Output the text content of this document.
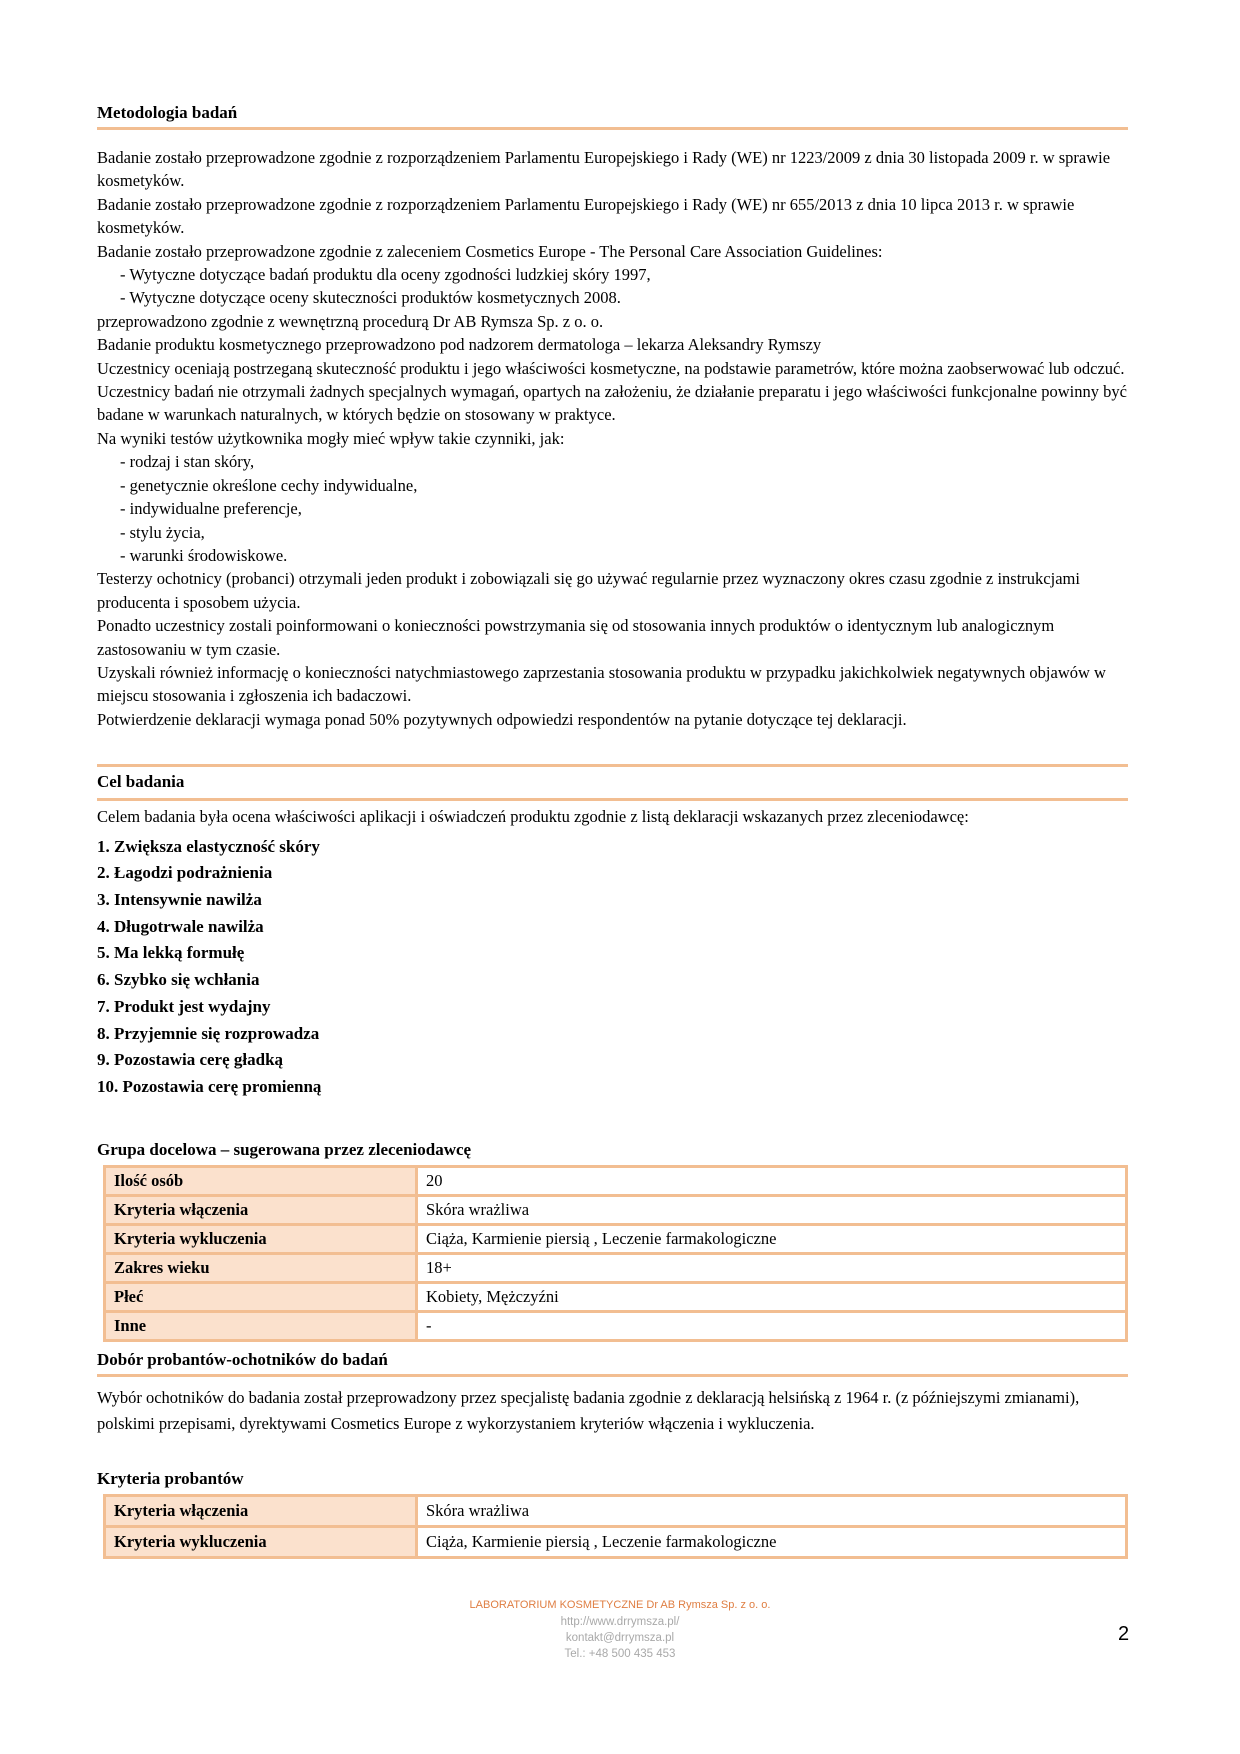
LABORATORIUM KOSMETYCZNE Dr AB Rymsza Sp. z o. o.
http://www.drrymsza.pl/
kontakt@drrymsza.pl
Tel.: +48 500 435 453
Metodologia badań

Badanie zostało przeprowadzone zgodnie z rozporządzeniem Parlamentu Europejskiego i Rady (WE) nr 1223/2009 z dnia 30 listopada 2009 r. w sprawie kosmetyków.

Badanie zostało przeprowadzone zgodnie z rozporządzeniem Parlamentu Europejskiego i Rady (WE) nr 655/2013 z dnia 10 lipca 2013 r. w sprawie kosmetyków.

Badanie zostało przeprowadzone zgodnie z zaleceniem Cosmetics Europe - The Personal Care Association Guidelines:

- Wytyczne dotyczące badań produktu dla oceny zgodności ludzkiej skóry 1997,

- Wytyczne dotyczące oceny skuteczności produktów kosmetycznych 2008.

przeprowadzono zgodnie z wewnętrzną procedurą Dr AB Rymsza Sp. z o. o.

Badanie produktu kosmetycznego przeprowadzono pod nadzorem dermatologa – lekarza Aleksandry Rymszy

Uczestnicy oceniają postrzeganą skuteczność produktu i jego właściwości kosmetyczne, na podstawie parametrów, które można zaobserwować lub odczuć.

Uczestnicy badań nie otrzymali żadnych specjalnych wymagań, opartych na założeniu, że działanie preparatu i jego właściwości funkcjonalne powinny być badane w warunkach naturalnych, w których będzie on stosowany w praktyce.

Na wyniki testów użytkownika mogły mieć wpływ takie czynniki, jak:

- rodzaj i stan skóry,

- genetycznie określone cechy indywidualne,

- indywidualne preferencje,

- stylu życia,

- warunki środowiskowe.

Testerzy ochotnicy (probanci) otrzymali jeden produkt i zobowiązali się go używać regularnie przez wyznaczony okres czasu zgodnie z instrukcjami producenta i sposobem użycia.

Ponadto uczestnicy zostali poinformowani o konieczności powstrzymania się od stosowania innych produktów o identycznym lub analogicznym zastosowaniu w tym czasie.

Uzyskali również informację o konieczności natychmiastowego zaprzestania stosowania produktu w przypadku jakichkolwiek negatywnych objawów w miejscu stosowania i zgłoszenia ich badaczowi.

Potwierdzenie deklaracji wymaga ponad 50% pozytywnych odpowiedzi respondentów na pytanie dotyczące tej deklaracji.

Cel badania

Celem badania była ocena właściwości aplikacji i oświadczeń produktu zgodnie z listą deklaracji wskazanych przez zleceniodawcę:

1. Zwiększa elastyczność skóry

2. Łagodzi podrażnienia

3. Intensywnie nawilża

4. Długotrwale nawilża

5. Ma lekką formułę

6. Szybko się wchłania

7. Produkt jest wydajny

8. Przyjemnie się rozprowadza

9. Pozostawia cerę gładką

10. Pozostawia cerę promienną

Grupa docelowa – sugerowana przez zleceniodawcę
Ilość osób	20
Kryteria włączenia	Skóra wrażliwa
Kryteria wykluczenia	Ciąża, Karmienie piersią , Leczenie farmakologiczne
Zakres wieku	18+
Płeć	Kobiety, Mężczyźni
Inne	-
Dobór probantów-ochotników do badań

Wybór ochotników do badania został przeprowadzony przez specjalistę badania zgodnie z deklaracją helsińską z 1964 r. (z późniejszymi zmianami), polskimi przepisami, dyrektywami Cosmetics Europe z wykorzystaniem kryteriów włączenia i wykluczenia.

Kryteria probantów
Kryteria włączenia	Skóra wrażliwa
Kryteria wykluczenia	Ciąża, Karmienie piersią , Leczenie farmakologiczne
2
